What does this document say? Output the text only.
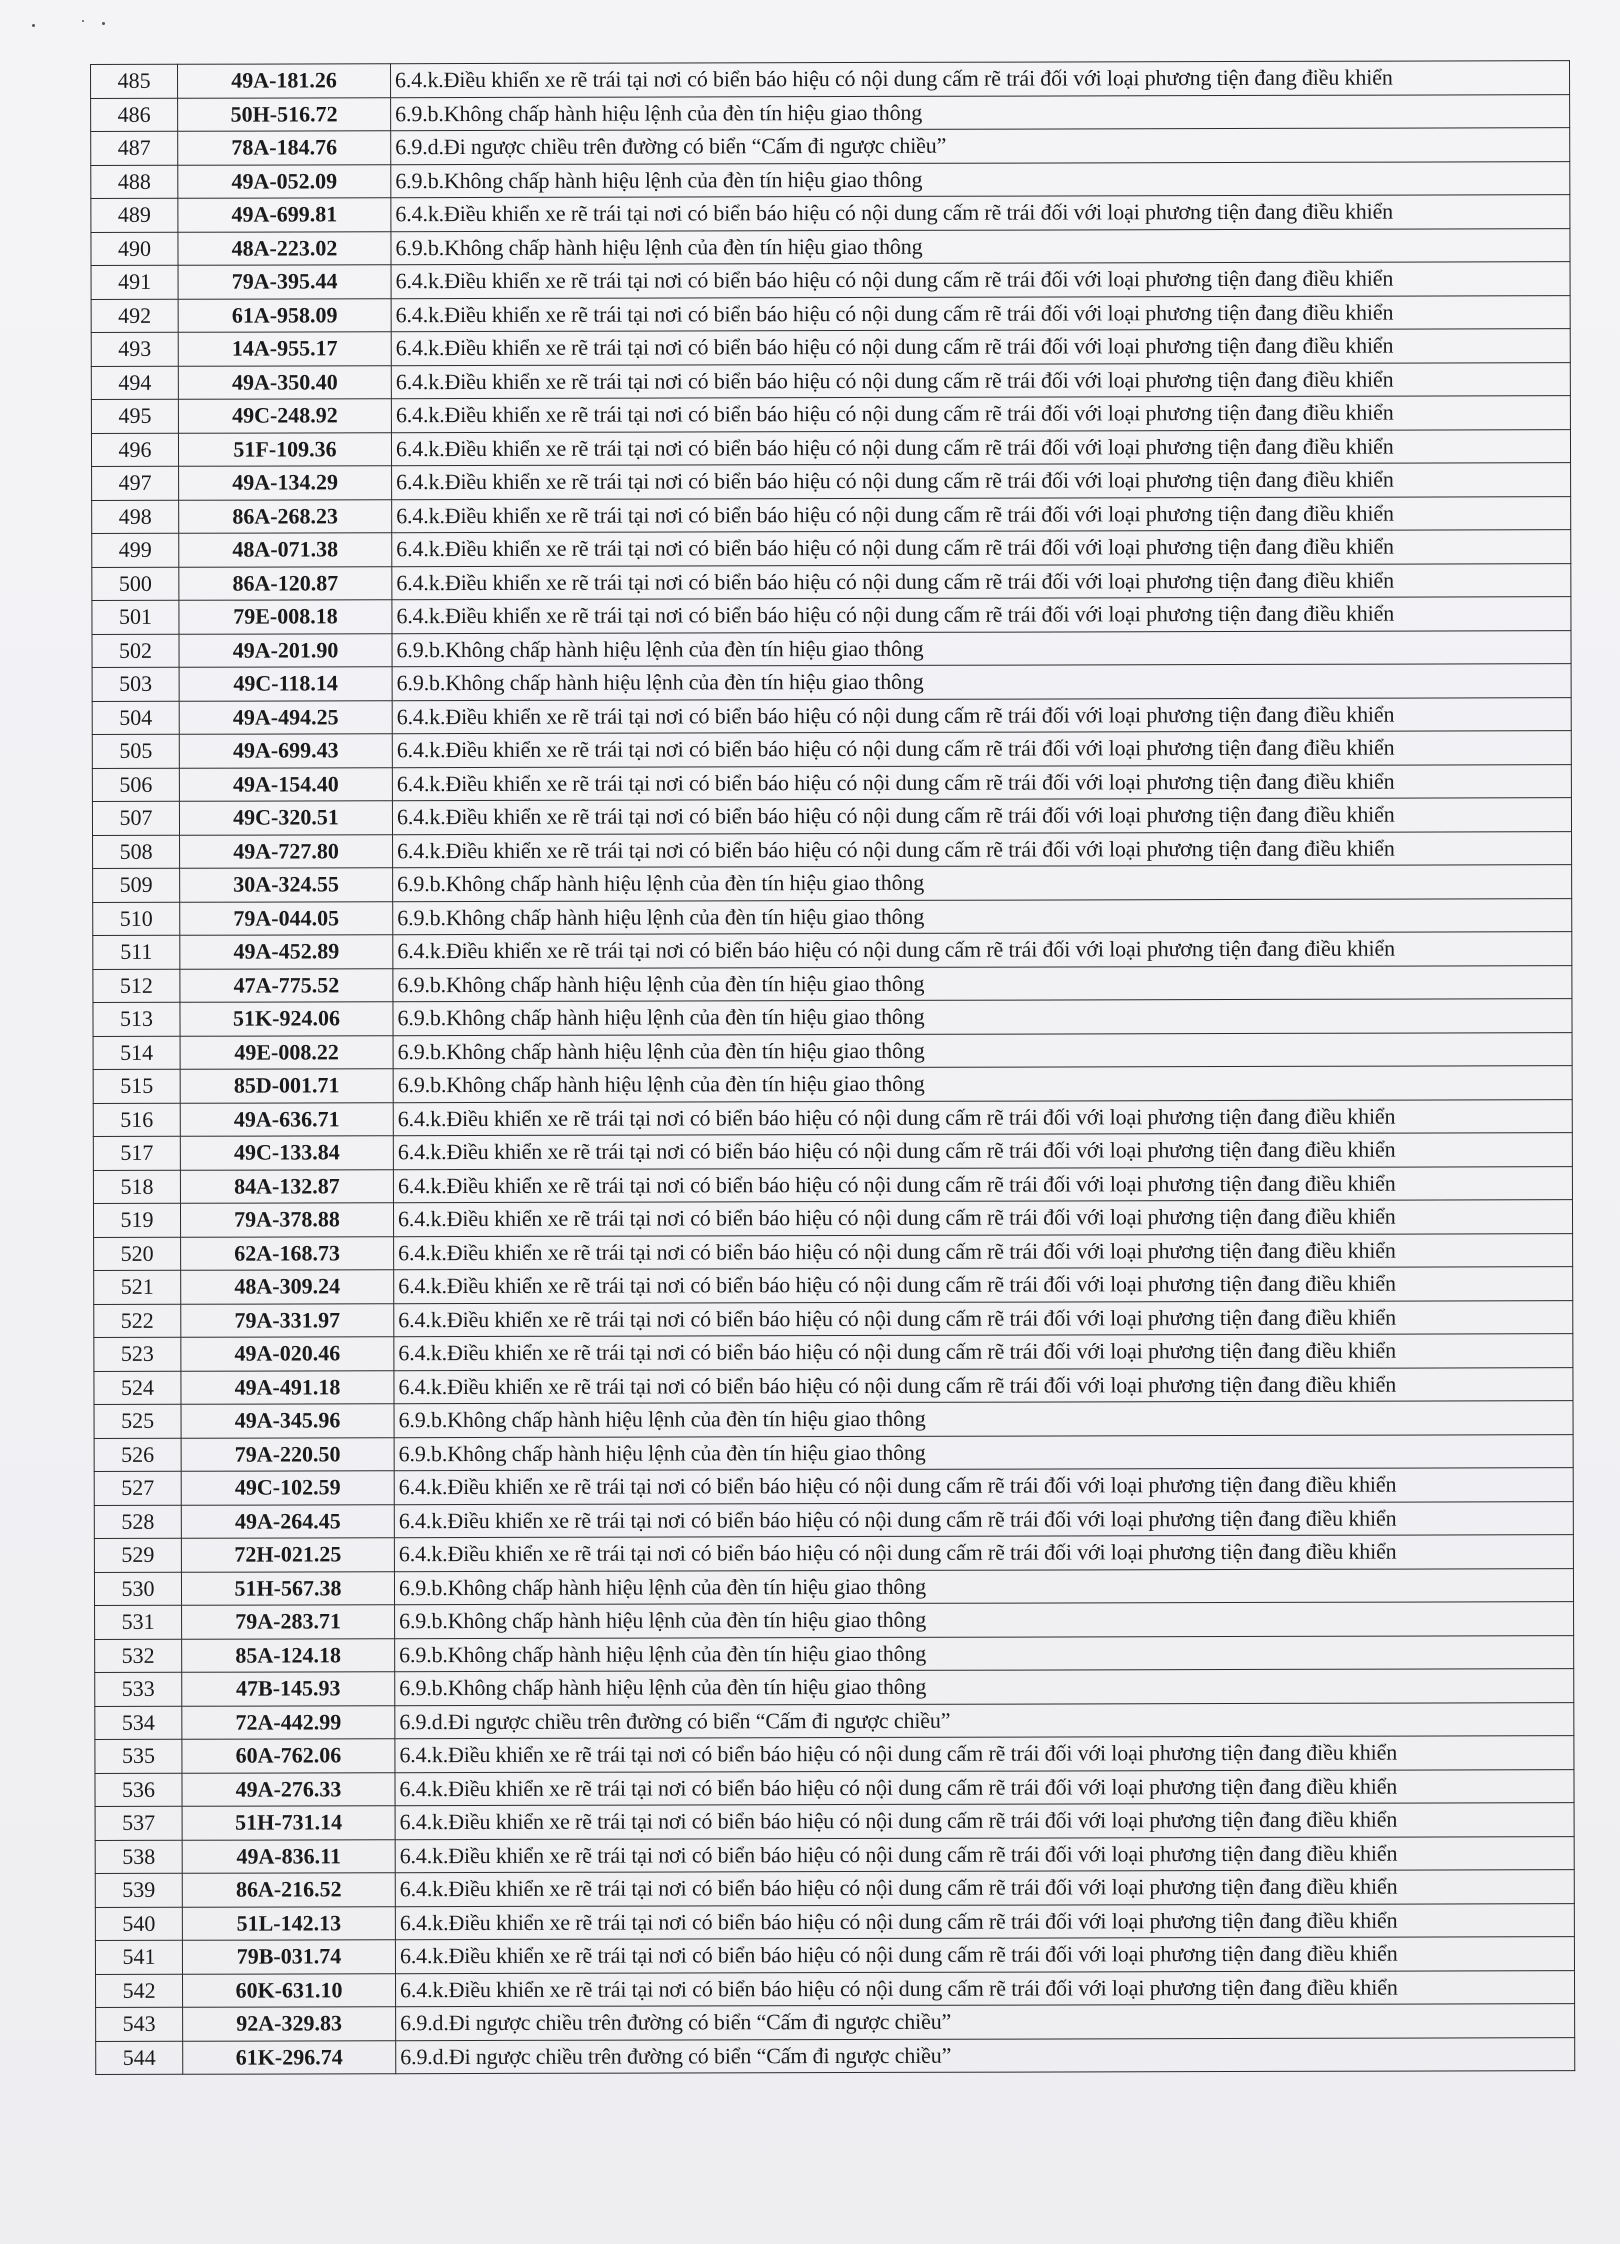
485	49A-181.26	6.4.k.Điều khiển xe rẽ trái tại nơi có biển báo hiệu có nội dung cấm rẽ trái đối với loại phương tiện đang điều khiển
486	50H-516.72	6.9.b.Không chấp hành hiệu lệnh của đèn tín hiệu giao thông
487	78A-184.76	6.9.d.Đi ngược chiều trên đường có biển “Cấm đi ngược chiều”
488	49A-052.09	6.9.b.Không chấp hành hiệu lệnh của đèn tín hiệu giao thông
489	49A-699.81	6.4.k.Điều khiển xe rẽ trái tại nơi có biển báo hiệu có nội dung cấm rẽ trái đối với loại phương tiện đang điều khiển
490	48A-223.02	6.9.b.Không chấp hành hiệu lệnh của đèn tín hiệu giao thông
491	79A-395.44	6.4.k.Điều khiển xe rẽ trái tại nơi có biển báo hiệu có nội dung cấm rẽ trái đối với loại phương tiện đang điều khiển
492	61A-958.09	6.4.k.Điều khiển xe rẽ trái tại nơi có biển báo hiệu có nội dung cấm rẽ trái đối với loại phương tiện đang điều khiển
493	14A-955.17	6.4.k.Điều khiển xe rẽ trái tại nơi có biển báo hiệu có nội dung cấm rẽ trái đối với loại phương tiện đang điều khiển
494	49A-350.40	6.4.k.Điều khiển xe rẽ trái tại nơi có biển báo hiệu có nội dung cấm rẽ trái đối với loại phương tiện đang điều khiển
495	49C-248.92	6.4.k.Điều khiển xe rẽ trái tại nơi có biển báo hiệu có nội dung cấm rẽ trái đối với loại phương tiện đang điều khiển
496	51F-109.36	6.4.k.Điều khiển xe rẽ trái tại nơi có biển báo hiệu có nội dung cấm rẽ trái đối với loại phương tiện đang điều khiển
497	49A-134.29	6.4.k.Điều khiển xe rẽ trái tại nơi có biển báo hiệu có nội dung cấm rẽ trái đối với loại phương tiện đang điều khiển
498	86A-268.23	6.4.k.Điều khiển xe rẽ trái tại nơi có biển báo hiệu có nội dung cấm rẽ trái đối với loại phương tiện đang điều khiển
499	48A-071.38	6.4.k.Điều khiển xe rẽ trái tại nơi có biển báo hiệu có nội dung cấm rẽ trái đối với loại phương tiện đang điều khiển
500	86A-120.87	6.4.k.Điều khiển xe rẽ trái tại nơi có biển báo hiệu có nội dung cấm rẽ trái đối với loại phương tiện đang điều khiển
501	79E-008.18	6.4.k.Điều khiển xe rẽ trái tại nơi có biển báo hiệu có nội dung cấm rẽ trái đối với loại phương tiện đang điều khiển
502	49A-201.90	6.9.b.Không chấp hành hiệu lệnh của đèn tín hiệu giao thông
503	49C-118.14	6.9.b.Không chấp hành hiệu lệnh của đèn tín hiệu giao thông
504	49A-494.25	6.4.k.Điều khiển xe rẽ trái tại nơi có biển báo hiệu có nội dung cấm rẽ trái đối với loại phương tiện đang điều khiển
505	49A-699.43	6.4.k.Điều khiển xe rẽ trái tại nơi có biển báo hiệu có nội dung cấm rẽ trái đối với loại phương tiện đang điều khiển
506	49A-154.40	6.4.k.Điều khiển xe rẽ trái tại nơi có biển báo hiệu có nội dung cấm rẽ trái đối với loại phương tiện đang điều khiển
507	49C-320.51	6.4.k.Điều khiển xe rẽ trái tại nơi có biển báo hiệu có nội dung cấm rẽ trái đối với loại phương tiện đang điều khiển
508	49A-727.80	6.4.k.Điều khiển xe rẽ trái tại nơi có biển báo hiệu có nội dung cấm rẽ trái đối với loại phương tiện đang điều khiển
509	30A-324.55	6.9.b.Không chấp hành hiệu lệnh của đèn tín hiệu giao thông
510	79A-044.05	6.9.b.Không chấp hành hiệu lệnh của đèn tín hiệu giao thông
511	49A-452.89	6.4.k.Điều khiển xe rẽ trái tại nơi có biển báo hiệu có nội dung cấm rẽ trái đối với loại phương tiện đang điều khiển
512	47A-775.52	6.9.b.Không chấp hành hiệu lệnh của đèn tín hiệu giao thông
513	51K-924.06	6.9.b.Không chấp hành hiệu lệnh của đèn tín hiệu giao thông
514	49E-008.22	6.9.b.Không chấp hành hiệu lệnh của đèn tín hiệu giao thông
515	85D-001.71	6.9.b.Không chấp hành hiệu lệnh của đèn tín hiệu giao thông
516	49A-636.71	6.4.k.Điều khiển xe rẽ trái tại nơi có biển báo hiệu có nội dung cấm rẽ trái đối với loại phương tiện đang điều khiển
517	49C-133.84	6.4.k.Điều khiển xe rẽ trái tại nơi có biển báo hiệu có nội dung cấm rẽ trái đối với loại phương tiện đang điều khiển
518	84A-132.87	6.4.k.Điều khiển xe rẽ trái tại nơi có biển báo hiệu có nội dung cấm rẽ trái đối với loại phương tiện đang điều khiển
519	79A-378.88	6.4.k.Điều khiển xe rẽ trái tại nơi có biển báo hiệu có nội dung cấm rẽ trái đối với loại phương tiện đang điều khiển
520	62A-168.73	6.4.k.Điều khiển xe rẽ trái tại nơi có biển báo hiệu có nội dung cấm rẽ trái đối với loại phương tiện đang điều khiển
521	48A-309.24	6.4.k.Điều khiển xe rẽ trái tại nơi có biển báo hiệu có nội dung cấm rẽ trái đối với loại phương tiện đang điều khiển
522	79A-331.97	6.4.k.Điều khiển xe rẽ trái tại nơi có biển báo hiệu có nội dung cấm rẽ trái đối với loại phương tiện đang điều khiển
523	49A-020.46	6.4.k.Điều khiển xe rẽ trái tại nơi có biển báo hiệu có nội dung cấm rẽ trái đối với loại phương tiện đang điều khiển
524	49A-491.18	6.4.k.Điều khiển xe rẽ trái tại nơi có biển báo hiệu có nội dung cấm rẽ trái đối với loại phương tiện đang điều khiển
525	49A-345.96	6.9.b.Không chấp hành hiệu lệnh của đèn tín hiệu giao thông
526	79A-220.50	6.9.b.Không chấp hành hiệu lệnh của đèn tín hiệu giao thông
527	49C-102.59	6.4.k.Điều khiển xe rẽ trái tại nơi có biển báo hiệu có nội dung cấm rẽ trái đối với loại phương tiện đang điều khiển
528	49A-264.45	6.4.k.Điều khiển xe rẽ trái tại nơi có biển báo hiệu có nội dung cấm rẽ trái đối với loại phương tiện đang điều khiển
529	72H-021.25	6.4.k.Điều khiển xe rẽ trái tại nơi có biển báo hiệu có nội dung cấm rẽ trái đối với loại phương tiện đang điều khiển
530	51H-567.38	6.9.b.Không chấp hành hiệu lệnh của đèn tín hiệu giao thông
531	79A-283.71	6.9.b.Không chấp hành hiệu lệnh của đèn tín hiệu giao thông
532	85A-124.18	6.9.b.Không chấp hành hiệu lệnh của đèn tín hiệu giao thông
533	47B-145.93	6.9.b.Không chấp hành hiệu lệnh của đèn tín hiệu giao thông
534	72A-442.99	6.9.d.Đi ngược chiều trên đường có biển “Cấm đi ngược chiều”
535	60A-762.06	6.4.k.Điều khiển xe rẽ trái tại nơi có biển báo hiệu có nội dung cấm rẽ trái đối với loại phương tiện đang điều khiển
536	49A-276.33	6.4.k.Điều khiển xe rẽ trái tại nơi có biển báo hiệu có nội dung cấm rẽ trái đối với loại phương tiện đang điều khiển
537	51H-731.14	6.4.k.Điều khiển xe rẽ trái tại nơi có biển báo hiệu có nội dung cấm rẽ trái đối với loại phương tiện đang điều khiển
538	49A-836.11	6.4.k.Điều khiển xe rẽ trái tại nơi có biển báo hiệu có nội dung cấm rẽ trái đối với loại phương tiện đang điều khiển
539	86A-216.52	6.4.k.Điều khiển xe rẽ trái tại nơi có biển báo hiệu có nội dung cấm rẽ trái đối với loại phương tiện đang điều khiển
540	51L-142.13	6.4.k.Điều khiển xe rẽ trái tại nơi có biển báo hiệu có nội dung cấm rẽ trái đối với loại phương tiện đang điều khiển
541	79B-031.74	6.4.k.Điều khiển xe rẽ trái tại nơi có biển báo hiệu có nội dung cấm rẽ trái đối với loại phương tiện đang điều khiển
542	60K-631.10	6.4.k.Điều khiển xe rẽ trái tại nơi có biển báo hiệu có nội dung cấm rẽ trái đối với loại phương tiện đang điều khiển
543	92A-329.83	6.9.d.Đi ngược chiều trên đường có biển “Cấm đi ngược chiều”
544	61K-296.74	6.9.d.Đi ngược chiều trên đường có biển “Cấm đi ngược chiều”
